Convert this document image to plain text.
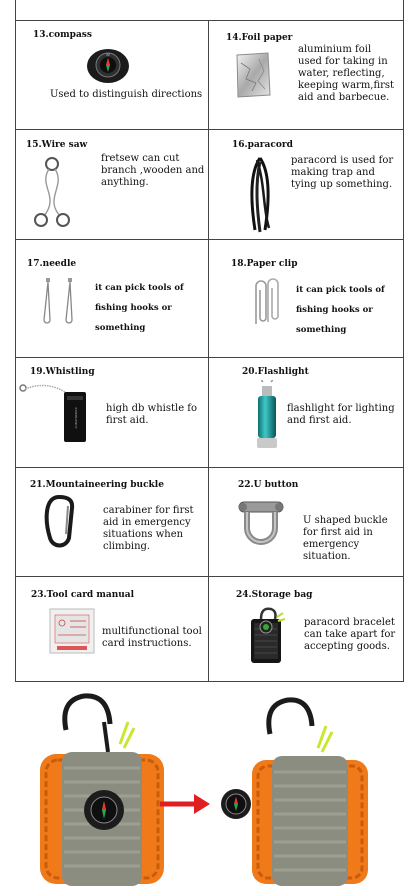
13.compass
N
Used to distinguish directions
14.Foil paper
aluminium foil used for taking in water, reflecting, keeping warm,first aid and barbecue.
15.Wire saw
fretsew can cut branch ,wooden and anything.
16.paracord
paracord is used for making trap and tying up something.
17.needle
it can pick tools of fishing hooks or something
18.Paper clip
it can pick tools of fishing hooks or something
19.Whistling
EMERGENCY	high db whistle fo first aid.
20.Flashlight
flashlight for lighting and first aid.
21.Mountaineering buckle
carabiner for first aid in emergency situations when climbing.
22.U button
U shaped buckle for first aid in emergency situation.
23.Tool card manual
multifunctional tool card instructions.
24.Storage bag
paracord bracelet can take apart for accepting goods.
